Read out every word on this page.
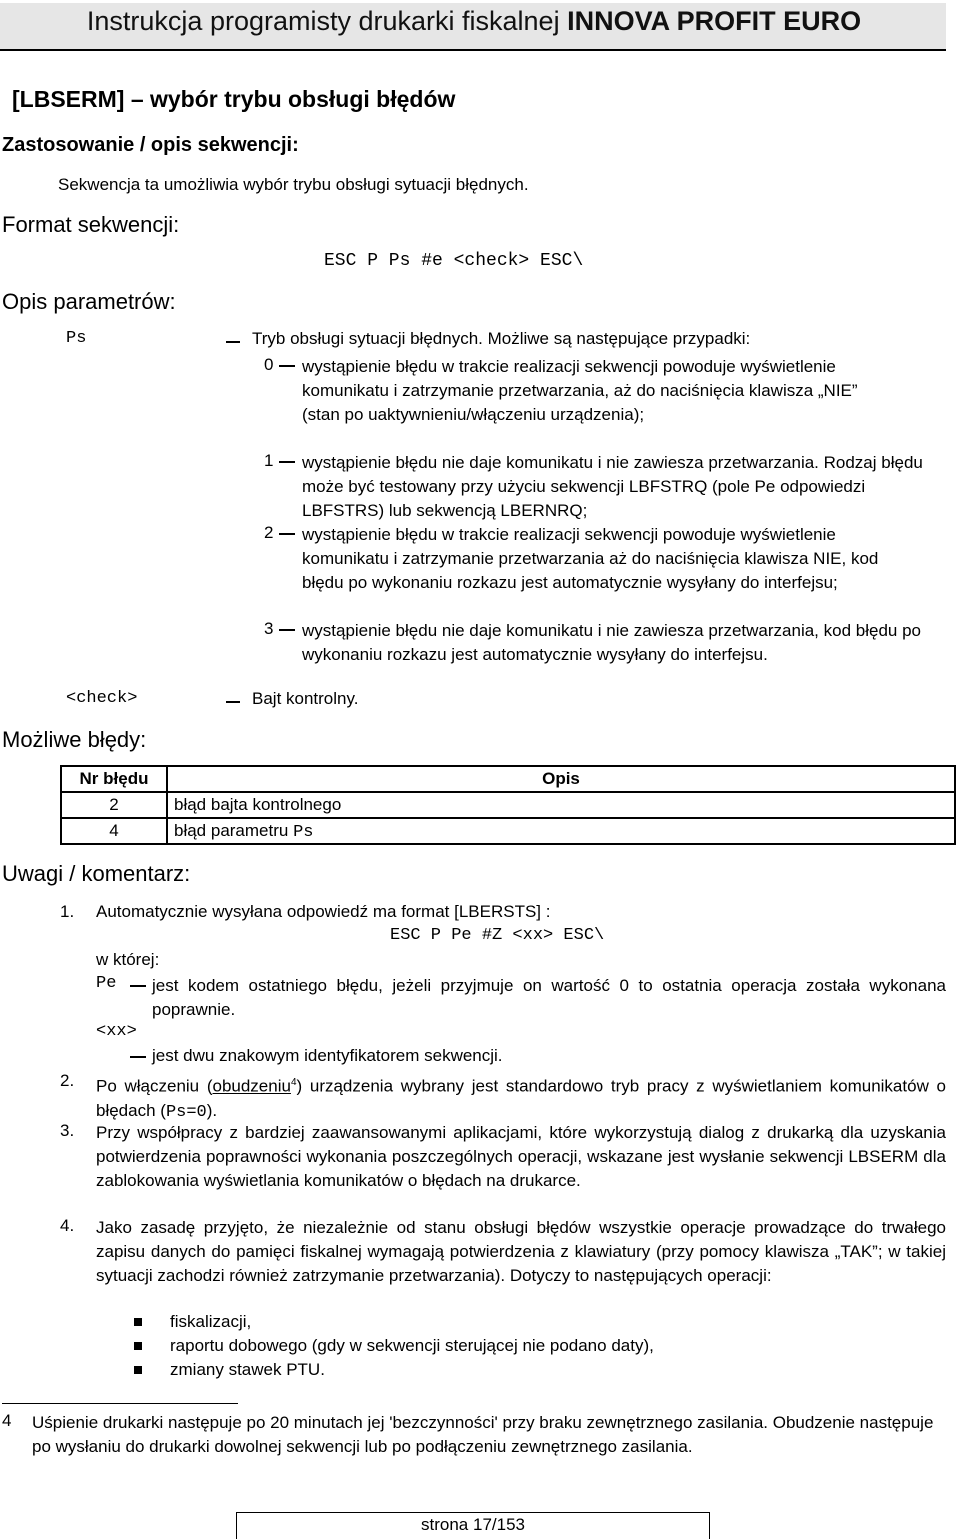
Instrukcja programisty drukarki fiskalnej INNOVA PROFIT EURO
[LBSERM] – wybór trybu obsługi błędów
Zastosowanie / opis sekwencji:
Sekwencja ta umożliwia wybór trybu obsługi sytuacji błędnych.
Format sekwencji:
ESC P Ps #e <check> ESC\
Opis parametrów:
Ps	Tryb obsługi sytuacji błędnych. Możliwe są następujące przypadki:
0 wystąpienie błędu w trakcie realizacji sekwencji powoduje wyświetlenie komunikatu i zatrzymanie przetwarzania, aż do naciśnięcia klawisza „NIE” (stan po uaktywnieniu/włączeniu urządzenia);
1 wystąpienie błędu nie daje komunikatu i nie zawiesza przetwarzania. Rodzaj błędu może być testowany przy użyciu sekwencji LBFSTRQ (pole Pe odpowiedzi LBFSTRS) lub sekwencją LBERNRQ;
2 wystąpienie błędu w trakcie realizacji sekwencji powoduje wyświetlenie komunikatu i zatrzymanie przetwarzania aż do naciśnięcia klawisza NIE, kod błędu po wykonaniu rozkazu jest automatycznie wysyłany do interfejsu;
3 wystąpienie błędu nie daje komunikatu i nie zawiesza przetwarzania, kod błędu po wykonaniu rozkazu jest automatycznie wysyłany do interfejsu.
<check>	Bajt kontrolny.
Możliwe błędy:
Nr błędu	Opis
2	błąd bajta kontrolnego
4	błąd parametru Ps
Uwagi / komentarz:
1. Automatycznie wysyłana odpowiedź ma format [LBERSTS] :
ESC P Pe #Z <xx> ESC\
w której:
Pe jest kodem ostatniego błędu, jeżeli przyjmuje on wartość 0 to ostatnia operacja została wykonana poprawnie.
<xx>
jest dwu znakowym identyfikatorem sekwencji.
2. Po włączeniu (obudzeniu$^4$) urządzenia wybrany jest standardowo tryb pracy z wyświetlaniem komunikatów o błędach (Ps=0).
3. Przy współpracy z bardziej zaawansowanymi aplikacjami, które wykorzystują dialog z drukarką dla uzyskania potwierdzenia poprawności wykonania poszczególnych operacji, wskazane jest wysłanie sekwencji LBSERM dla zablokowania wyświetlania komunikatów o błędach na drukarce.
4. Jako zasadę przyjęto, że niezależnie od stanu obsługi błędów wszystkie operacje prowadzące do trwałego zapisu danych do pamięci fiskalnej wymagają potwierdzenia z klawiatury (przy pomocy klawisza „TAK”; w takiej sytuacji zachodzi również zatrzymanie przetwarzania). Dotyczy to następujących operacji:
fiskalizacji,
raportu dobowego (gdy w sekwencji sterującej nie podano daty),
zmiany stawek PTU.
4 Uśpienie drukarki następuje po 20 minutach jej 'bezczynności' przy braku zewnętrznego zasilania. Obudzenie następuje po wysłaniu do drukarki dowolnej sekwencji lub po podłączeniu zewnętrznego zasilania.
strona 17/153
